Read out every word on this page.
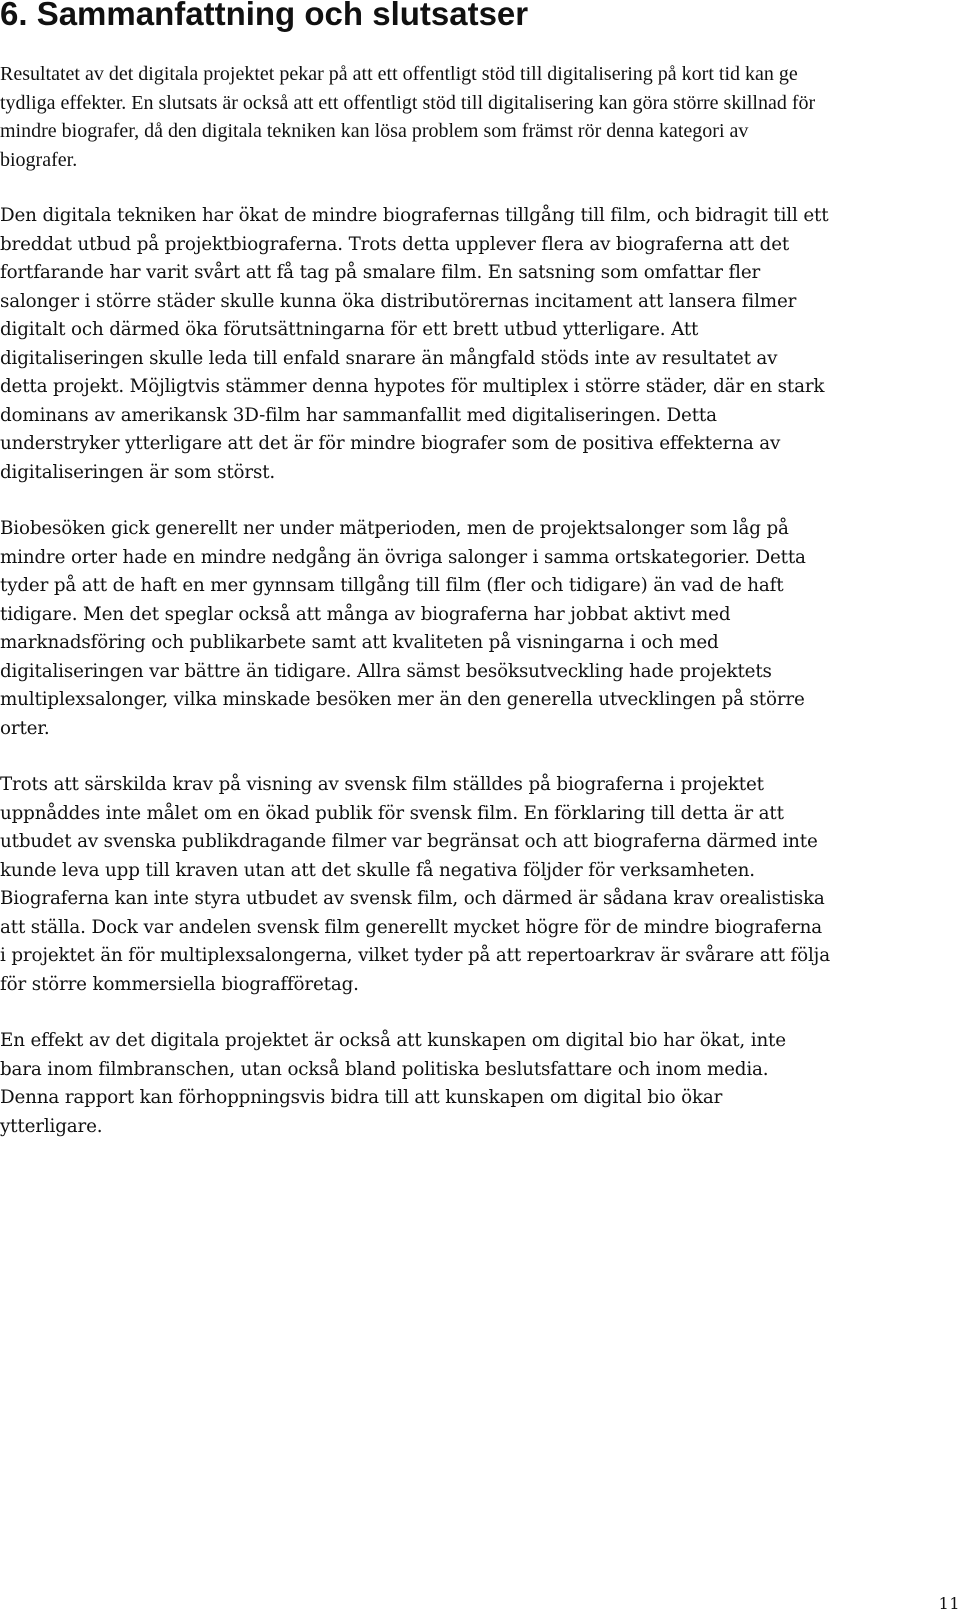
6. Sammanfattning och slutsatser

Resultatet av det digitala projektet pekar på att ett offentligt stöd till digitalisering på kort tid kan ge tydliga effekter. En slutsats är också att ett offentligt stöd till digitalisering kan göra större skillnad för mindre biografer, då den digitala tekniken kan lösa problem som främst rör denna kategori av biografer.

Den digitala tekniken har ökat de mindre biografernas tillgång till film, och bidragit till ett breddat utbud på projektbiograferna. Trots detta upplever flera av biograferna att det fortfarande har varit svårt att få tag på smalare film. En satsning som omfattar fler salonger i större städer skulle kunna öka distributörernas incitament att lansera filmer digitalt och därmed öka förutsättningarna för ett brett utbud ytterligare. Att digitaliseringen skulle leda till enfald snarare än mångfald stöds inte av resultatet av detta projekt. Möjligtvis stämmer denna hypotes för multiplex i större städer, där en stark dominans av amerikansk 3D-film har sammanfallit med digitaliseringen. Detta understryker ytterligare att det är för mindre biografer som de positiva effekterna av digitaliseringen är som störst.

Biobesöken gick generellt ner under mätperioden, men de projektsalonger som låg på mindre orter hade en mindre nedgång än övriga salonger i samma ortskategorier. Detta tyder på att de haft en mer gynnsam tillgång till film (fler och tidigare) än vad de haft tidigare. Men det speglar också att många av biograferna har jobbat aktivt med marknadsföring och publikarbete samt att kvaliteten på visningarna i och med digitaliseringen var bättre än tidigare. Allra sämst besöksutveckling hade projektets multiplexsalonger, vilka minskade besöken mer än den generella utvecklingen på större orter.

Trots att särskilda krav på visning av svensk film ställdes på biograferna i projektet uppnåddes inte målet om en ökad publik för svensk film. En förklaring till detta är att utbudet av svenska publikdragande filmer var begränsat och att biograferna därmed inte kunde leva upp till kraven utan att det skulle få negativa följder för verksamheten. Biograferna kan inte styra utbudet av svensk film, och därmed är sådana krav orealistiska att ställa. Dock var andelen svensk film generellt mycket högre för de mindre biograferna i projektet än för multiplexsalongerna, vilket tyder på att repertoarkrav är svårare att följa för större kommersiella biografföretag.

En effekt av det digitala projektet är också att kunskapen om digital bio har ökat, inte bara inom filmbranschen, utan också bland politiska beslutsfattare och inom media. Denna rapport kan förhoppningsvis bidra till att kunskapen om digital bio ökar ytterligare.

11
